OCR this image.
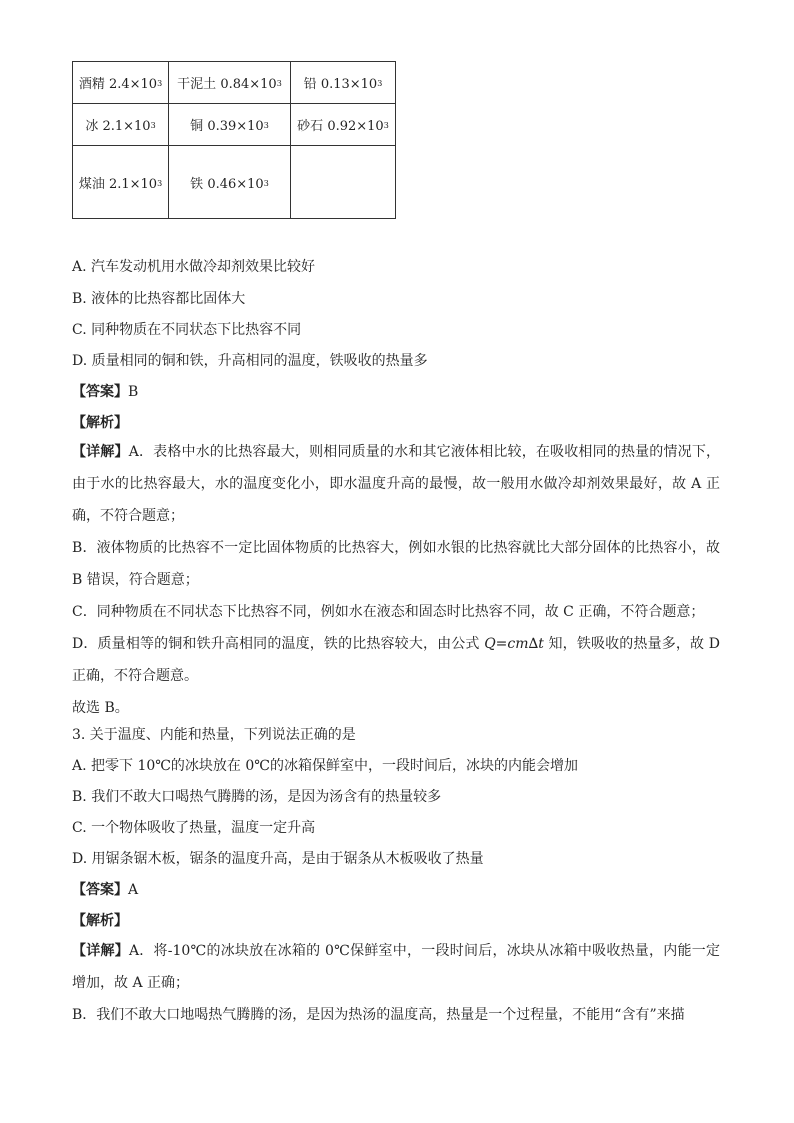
酒精 $2.4\times 10^3$	干泥土 $0.84\times 10^3$	铅 $0.13\times 10^3$
冰 $2.1\times 10^3$	铜 $0.39\times 10^3$	砂石 $0.92\times 10^3$
煤油 $2.1\times 10^3$	铁 $0.46\times 10^3$	
A. 汽车发动机用水做冷却剂效果比较好
B. 液体的比热容都比固体大
C. 同种物质在不同状态下比热容不同
D. 质量相同的铜和铁，升高相同的温度，铁吸收的热量多
【答案】B
【解析】
【详解】A．表格中水的比热容最大，则相同质量的水和其它液体相比较，在吸收相同的热量的情况下，由于水的比热容最大，水的温度变化小，即水温度升高的最慢，故一般用水做冷却剂效果最好，故 A 正确，不符合题意；
B．液体物质的比热容不一定比固体物质的比热容大，例如水银的比热容就比大部分固体的比热容小，故 B 错误，符合题意；
C．同种物质在不同状态下比热容不同，例如水在液态和固态时比热容不同，故 C 正确，不符合题意；
D．质量相等的铜和铁升高相同的温度，铁的比热容较大，由公式 Q=cm∆t 知，铁吸收的热量多，故 D 正确，不符合题意。
故选 B。
3. 关于温度、内能和热量，下列说法正确的是
A. 把零下 10℃的冰块放在 0℃的冰箱保鲜室中，一段时间后，冰块的内能会增加
B. 我们不敢大口喝热气腾腾的汤，是因为汤含有的热量较多
C. 一个物体吸收了热量，温度一定升高
D. 用锯条锯木板，锯条的温度升高，是由于锯条从木板吸收了热量
【答案】A
【解析】
【详解】A．将-10℃的冰块放在冰箱的 0℃保鲜室中，一段时间后，冰块从冰箱中吸收热量，内能一定增加，故 A 正确；
B．我们不敢大口地喝热气腾腾的汤，是因为热汤的温度高，热量是一个过程量，不能用“含有”来描
